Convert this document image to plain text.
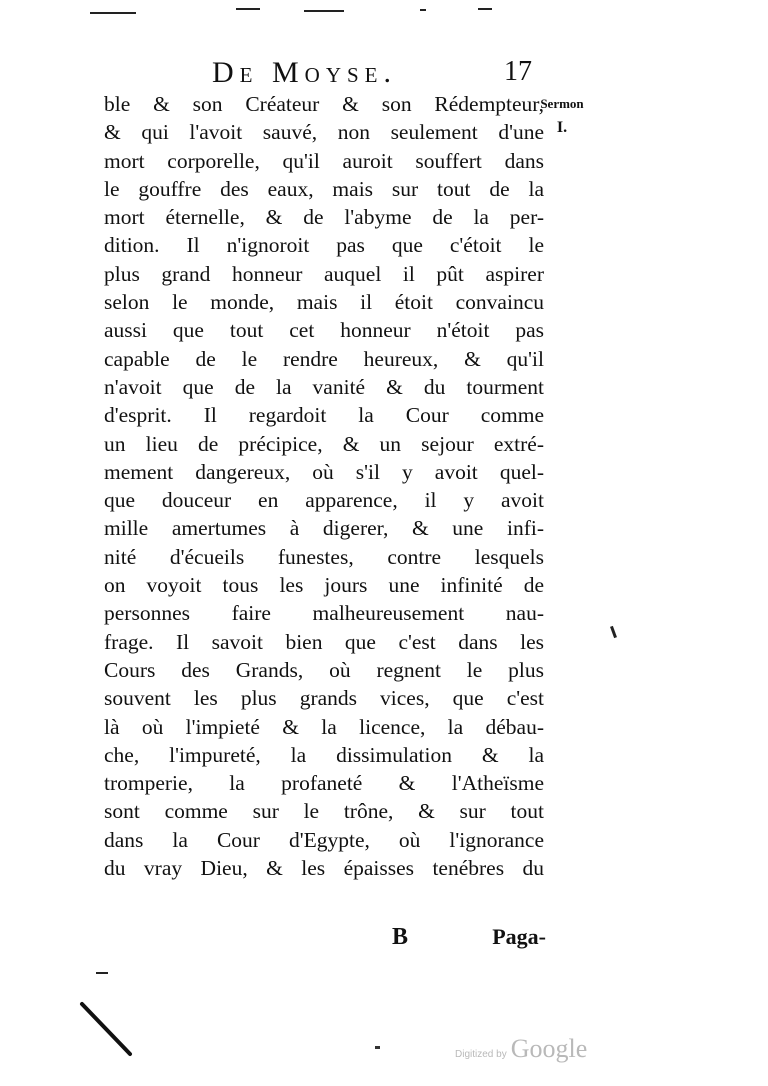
De Moyse.	17
Sermon
I.
ble & son Créateur & son Rédempteur,
& qui l'avoit sauvé, non seulement d'une
mort corporelle, qu'il auroit souffert dans
le gouffre des eaux, mais sur tout de la
mort éternelle, & de l'abyme de la per-
dition. Il n'ignoroit pas que c'étoit le
plus grand honneur auquel il pût aspirer
selon le monde, mais il étoit convaincu
aussi que tout cet honneur n'étoit pas
capable de le rendre heureux, & qu'il
n'avoit que de la vanité & du tourment
d'esprit. Il regardoit la Cour comme
un lieu de précipice, & un sejour extré-
mement dangereux, où s'il y avoit quel-
que douceur en apparence, il y avoit
mille amertumes à digerer, & une infi-
nité d'écueils funestes, contre lesquels
on voyoit tous les jours une infinité de
personnes faire malheureusement nau-
frage. Il savoit bien que c'est dans les
Cours des Grands, où regnent le plus
souvent les plus grands vices, que c'est
là où l'impieté & la licence, la débau-
che, l'impureté, la dissimulation & la
tromperie, la profaneté & l'Atheïsme
sont comme sur le trône, & sur tout
dans la Cour d'Egypte, où l'ignorance
du vray Dieu, & les épaisses tenébres du
B	Paga-
Digitized by Google
